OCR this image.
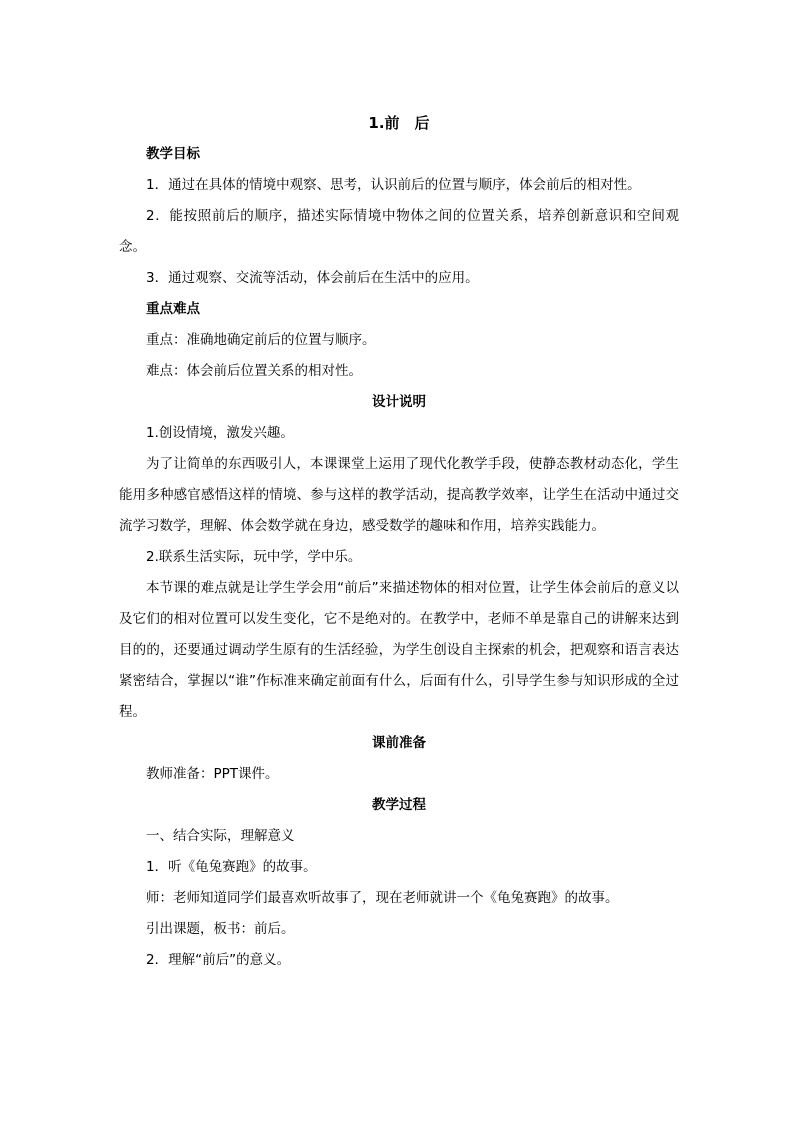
1.前　后
教学目标
1．通过在具体的情境中观察、思考，认识前后的位置与顺序，体会前后的相对性。
2．能按照前后的顺序，描述实际情境中物体之间的位置关系，培养创新意识和空间观念。
3．通过观察、交流等活动，体会前后在生活中的应用。
重点难点
重点：准确地确定前后的位置与顺序。
难点：体会前后位置关系的相对性。
设计说明
1.创设情境，激发兴趣。
为了让简单的东西吸引人，本课课堂上运用了现代化教学手段，使静态教材动态化，学生能用多种感官感悟这样的情境、参与这样的教学活动，提高教学效率，让学生在活动中通过交流学习数学，理解、体会数学就在身边，感受数学的趣味和作用，培养实践能力。
2.联系生活实际，玩中学，学中乐。
本节课的难点就是让学生学会用“前后”来描述物体的相对位置，让学生体会前后的意义以及它们的相对位置可以发生变化，它不是绝对的。在教学中，老师不单是靠自己的讲解来达到目的的，还要通过调动学生原有的生活经验，为学生创设自主探索的机会，把观察和语言表达紧密结合，掌握以“谁”作标准来确定前面有什么，后面有什么，引导学生参与知识形成的全过程。
课前准备
教师准备：PPT课件。
教学过程
一、结合实际，理解意义
1．听《龟兔赛跑》的故事。
师：老师知道同学们最喜欢听故事了，现在老师就讲一个《龟兔赛跑》的故事。
引出课题，板书：前后。
2．理解“前后”的意义。
